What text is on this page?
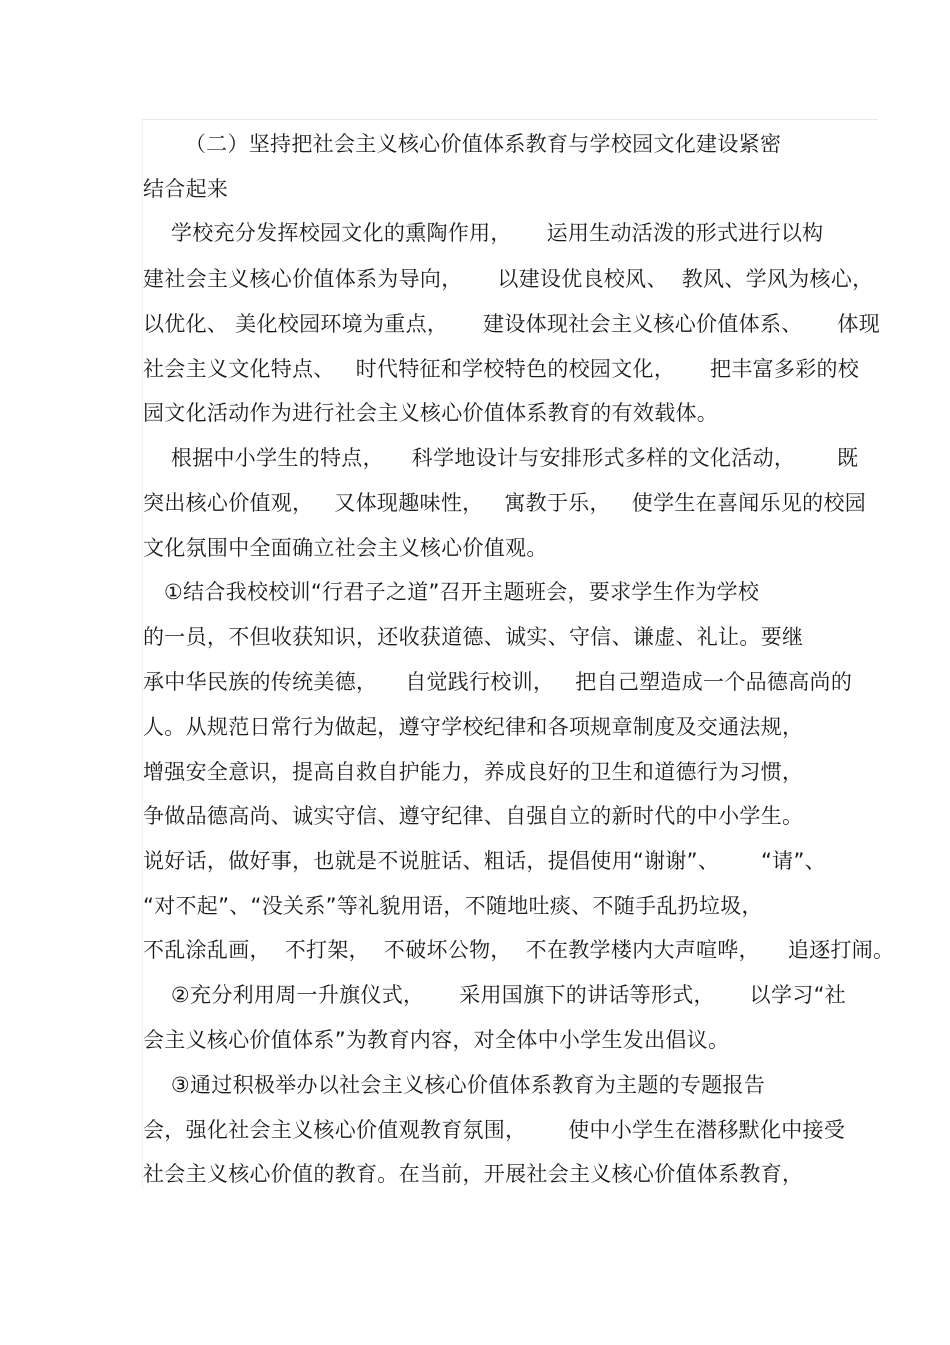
（二）坚持把社会主义核心价值体系教育与学校园文化建设紧密
结合起来
学校充分发挥校园文化的熏陶作用，     运用生动活泼的形式进行以构
建社会主义核心价值体系为导向，     以建设优良校风、  教风、学风为核心，
以优化、 美化校园环境为重点，     建设体现社会主义核心价值体系、     体现
社会主义文化特点、   时代特征和学校特色的校园文化，     把丰富多彩的校
园文化活动作为进行社会主义核心价值体系教育的有效载体。
根据中小学生的特点，    科学地设计与安排形式多样的文化活动，      既
突出核心价值观，   又体现趣味性，   寓教于乐，   使学生在喜闻乐见的校园
文化氛围中全面确立社会主义核心价值观。
①结合我校校训“行君子之道”召开主题班会，要求学生作为学校
的一员，不但收获知识，还收获道德、诚实、守信、谦虚、礼让。要继
承中华民族的传统美德，    自觉践行校训，   把自己塑造成一个品德高尚的
人。从规范日常行为做起，遵守学校纪律和各项规章制度及交通法规，
增强安全意识，提高自救自护能力，养成良好的卫生和道德行为习惯，
争做品德高尚、诚实守信、遵守纪律、自强自立的新时代的中小学生。
说好话，做好事，也就是不说脏话、粗话，提倡使用“谢谢”、      “请”、
“对不起”、“没关系”等礼貌用语，不随地吐痰、不随手乱扔垃圾，
不乱涂乱画，  不打架，  不破坏公物，  不在教学楼内大声喧哗，    追逐打闹。
②充分利用周一升旗仪式，     采用国旗下的讲话等形式，     以学习“社
会主义核心价值体系”为教育内容，对全体中小学生发出倡议。
③通过积极举办以社会主义核心价值体系教育为主题的专题报告
会，强化社会主义核心价值观教育氛围，      使中小学生在潜移默化中接受
社会主义核心价值的教育。在当前，开展社会主义核心价值体系教育，
